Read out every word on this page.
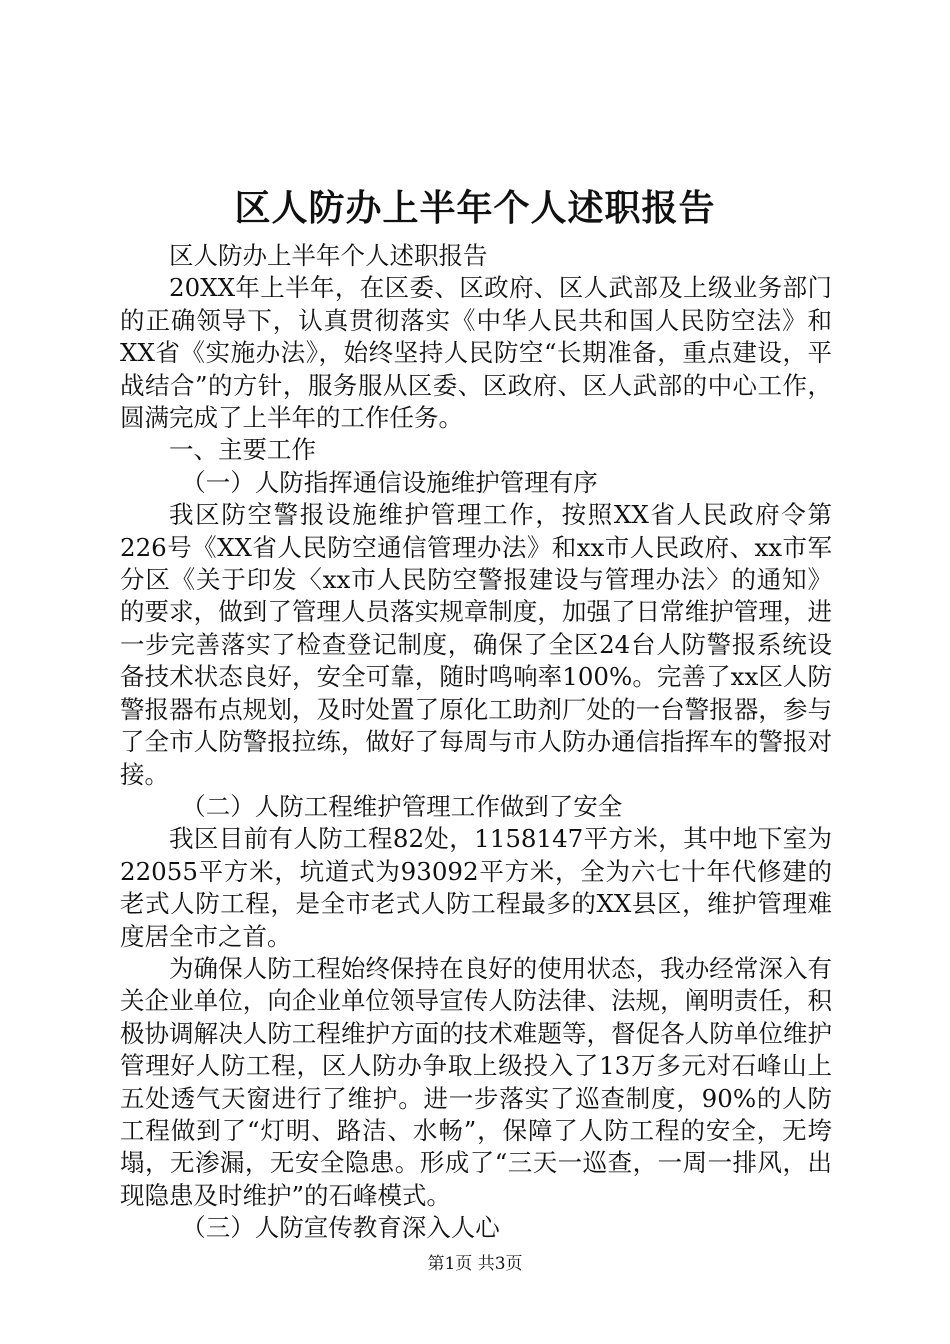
区人防办上半年个人述职报告

区人防办上半年个人述职报告

20XX年上半年，在区委、区政府、区人武部及上级业务部门的正确领导下，认真贯彻落实《中华人民共和国人民防空法》和XX省《实施办法》，始终坚持人民防空“长期准备，重点建设，平战结合”的方针，服务服从区委、区政府、区人武部的中心工作，圆满完成了上半年的工作任务。

一、主要工作

（一）人防指挥通信设施维护管理有序

我区防空警报设施维护管理工作，按照XX省人民政府令第226号《XX省人民防空通信管理办法》和xx市人民政府、xx市军分区《关于印发〈xx市人民防空警报建设与管理办法〉的通知》的要求，做到了管理人员落实规章制度，加强了日常维护管理，进一步完善落实了检查登记制度，确保了全区24台人防警报系统设备技术状态良好，安全可靠，随时鸣响率100%。完善了xx区人防警报器布点规划，及时处置了原化工助剂厂处的一台警报器，参与了全市人防警报拉练，做好了每周与市人防办通信指挥车的警报对接。

（二）人防工程维护管理工作做到了安全

我区目前有人防工程82处，1158147平方米，其中地下室为22055平方米，坑道式为93092平方米，全为六七十年代修建的老式人防工程，是全市老式人防工程最多的XX县区，维护管理难度居全市之首。

为确保人防工程始终保持在良好的使用状态，我办经常深入有关企业单位，向企业单位领导宣传人防法律、法规，阐明责任，积极协调解决人防工程维护方面的技术难题等，督促各人防单位维护管理好人防工程，区人防办争取上级投入了13万多元对石峰山上五处透气天窗进行了维护。进一步落实了巡查制度，90%的人防工程做到了“灯明、路洁、水畅”，保障了人防工程的安全，无垮塌，无渗漏，无安全隐患。形成了“三天一巡查，一周一排风，出现隐患及时维护”的石峰模式。

（三）人防宣传教育深入人心

第1页 共3页
